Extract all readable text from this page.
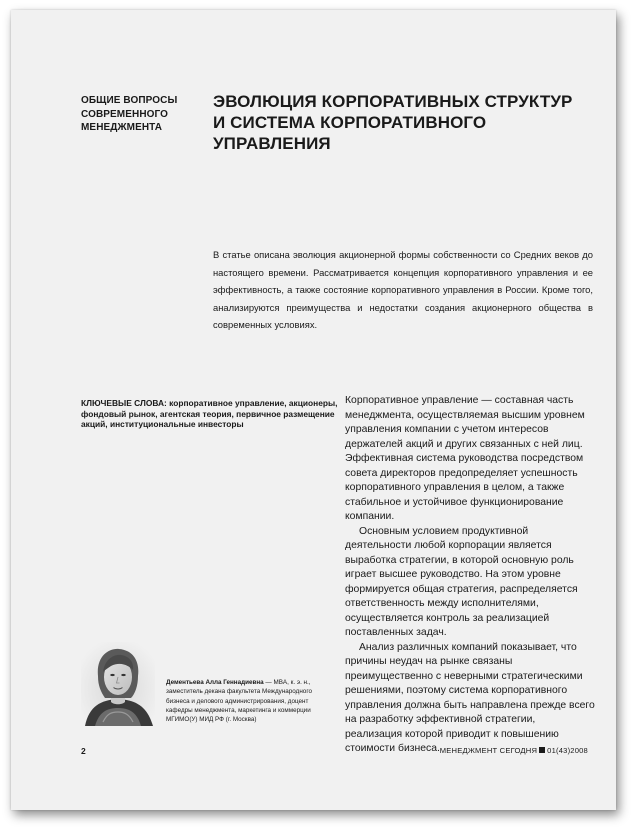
ОБЩИЕ ВОПРОСЫ
СОВРЕМЕННОГО
МЕНЕДЖМЕНТА
ЭВОЛЮЦИЯ КОРПОРАТИВНЫХ СТРУКТУР
И СИСТЕМА КОРПОРАТИВНОГО УПРАВЛЕНИЯ

В статье описана эволюция акционерной формы собственности со Средних веков до настоящего времени. Рассматривается концепция корпоративного управления и ее эффективность, а также состояние корпоративного управления в России. Кроме того, анализируются преимущества и недостатки создания акционерного общества в современных условиях.

КЛЮЧЕВЫЕ СЛОВА: корпоративное управление, акционеры, фондовый рынок, агентская теория, первичное размещение акций, институциональные инвесторы

Корпоративное управление — составная часть менеджмента, осуществляемая высшим уровнем управления компании с учетом интересов держателей акций и других связанных с ней лиц. Эффективная система руководства посредством совета директоров предопределяет успешность корпоративного управления в целом, а также стабильное и устойчивое функционирование компании.

Основным условием продуктивной деятельности любой корпорации является выработка стратегии, в которой основную роль играет высшее руководство. На этом уровне формируется общая стратегия, распределяется ответственность между исполнителями, осуществляется контроль за реализацией поставленных задач.

Анализ различных компаний показывает, что причины неудач на рынке связаны преимущественно с неверными стратегическими решениями, поэтому система корпоративного управления должна быть направлена прежде всего на разработку эффективной стратегии, реализация которой приводит к повышению стоимости бизнеса.

Дементьева Алла Геннадиевна — MBA, к. э. н., заместитель декана факультета Международного бизнеса и делового администрирования, доцент кафедры менеджмента, маркетинга и коммерции МГИМО(У) МИД РФ (г. Москва)

2	МЕНЕДЖМЕНТ СЕГОДНЯ 01(43)2008
